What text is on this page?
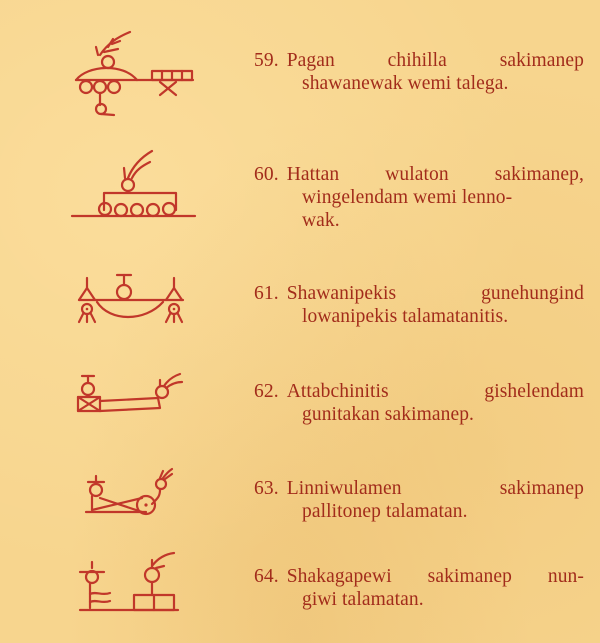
59. Pagan chihilla sakimanep
shawanewak wemi talega.
60. Hattan wulaton sakimanep,
wingelendam wemi lenno-
wak.
61. Shawanipekis gunehungind
lowanipekis talamatanitis.
62. Attabchinitis gishelendam
gunitakan sakimanep.
63. Linniwulamen sakimanep
pallitonep talamatan.
64. Shakagapewi sakimanep nun-
giwi talamatan.
